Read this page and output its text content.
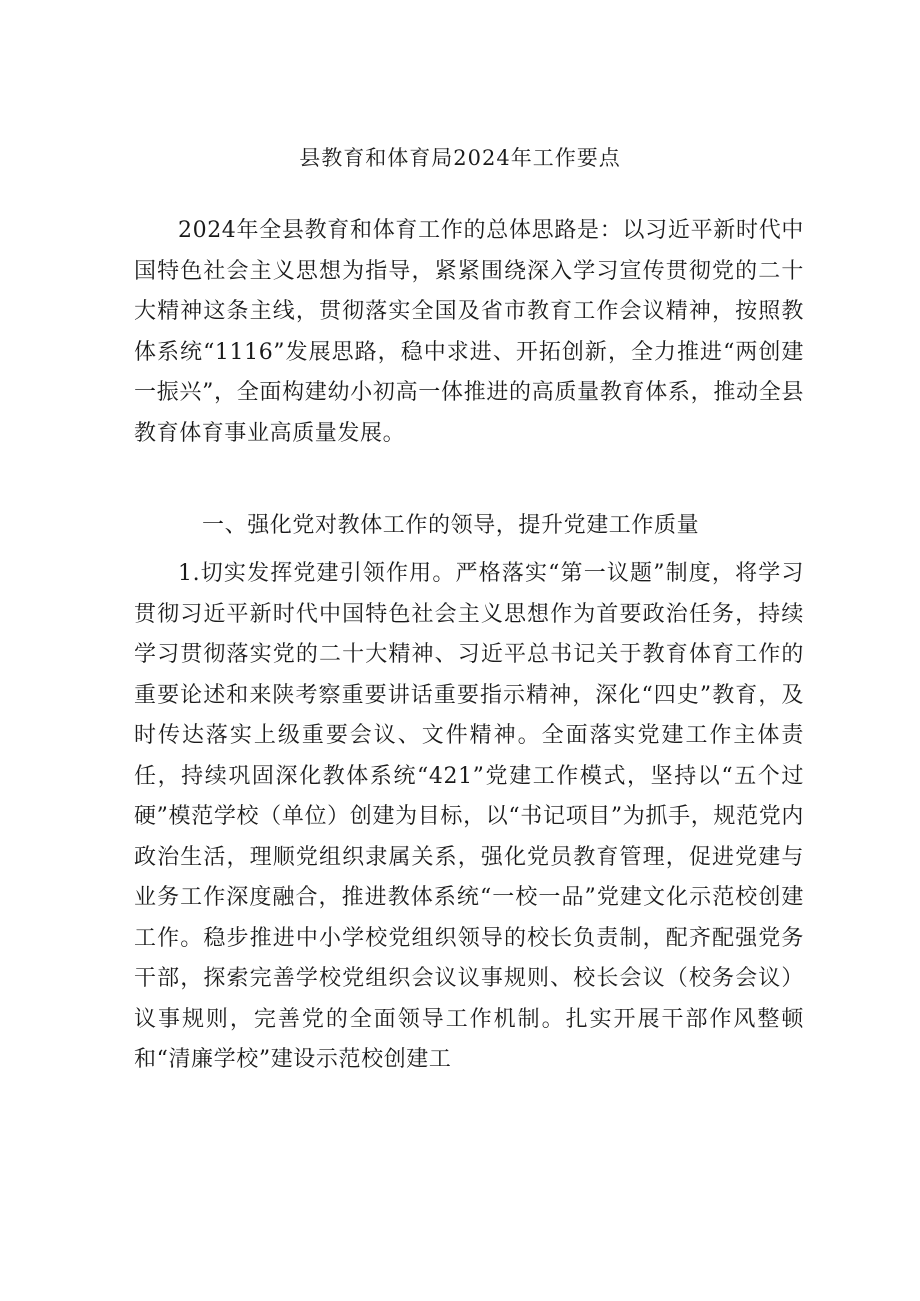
县教育和体育局2024年工作要点

2024年全县教育和体育工作的总体思路是：以习近平新时代中国特色社会主义思想为指导，紧紧围绕深入学习宣传贯彻党的二十大精神这条主线，贯彻落实全国及省市教育工作会议精神，按照教体系统“1116”发展思路，稳中求进、开拓创新，全力推进“两创建一振兴”，全面构建幼小初高一体推进的高质量教育体系，推动全县教育体育事业高质量发展。

一、强化党对教体工作的领导，提升党建工作质量

1.切实发挥党建引领作用。严格落实“第一议题”制度，将学习贯彻习近平新时代中国特色社会主义思想作为首要政治任务，持续学习贯彻落实党的二十大精神、习近平总书记关于教育体育工作的重要论述和来陕考察重要讲话重要指示精神，深化“四史”教育，及时传达落实上级重要会议、文件精神。全面落实党建工作主体责任，持续巩固深化教体系统“421”党建工作模式，坚持以“五个过硬”模范学校（单位）创建为目标，以“书记项目”为抓手，规范党内政治生活，理顺党组织隶属关系，强化党员教育管理，促进党建与业务工作深度融合，推进教体系统“一校一品”党建文化示范校创建工作。稳步推进中小学校党组织领导的校长负责制，配齐配强党务干部，探索完善学校党组织会议议事规则、校长会议（校务会议）议事规则，完善党的全面领导工作机制。扎实开展干部作风整顿和“清廉学校”建设示范校创建工
